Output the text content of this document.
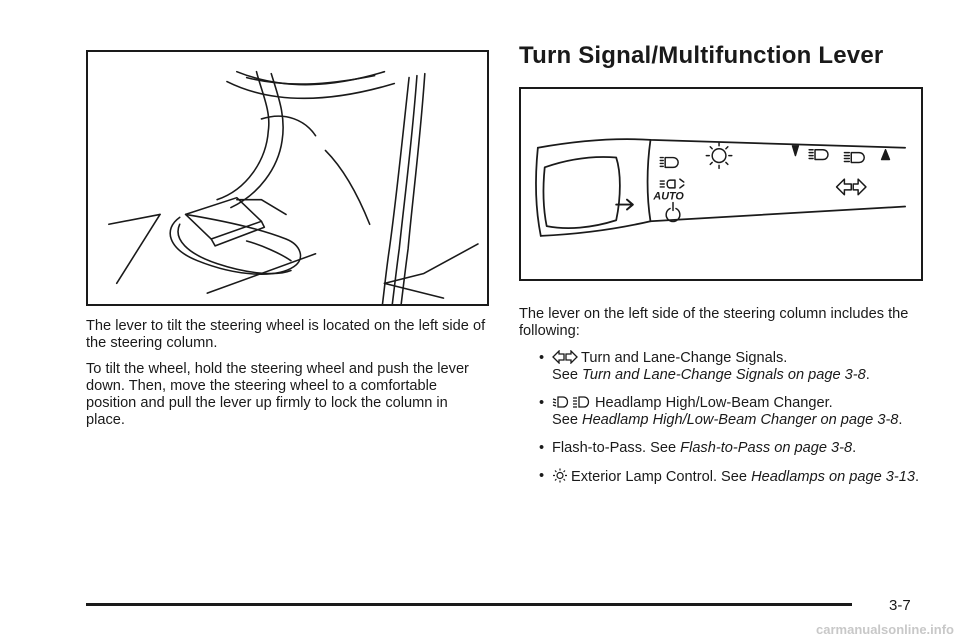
The lever to tilt the steering wheel is located on the left side of the steering column.

To tilt the wheel, hold the steering wheel and push the lever down. Then, move the steering wheel to a comfortable position and pull the lever up firmly to lock the column in place.

Turn Signal/Multifunction Lever
AUTO

The lever on the left side of the steering column includes the following:

•	Turn and Lane-Change Signals.
See Turn and Lane-Change Signals on page 3-8.
•	Headlamp High/Low-Beam Changer.
See Headlamp High/Low-Beam Changer on page 3-8.
• Flash-to-Pass. See Flash-to-Pass on page 3-8.
• Exterior Lamp Control. See Headlamps on page 3-13.
3-7
carmanualsonline.info
